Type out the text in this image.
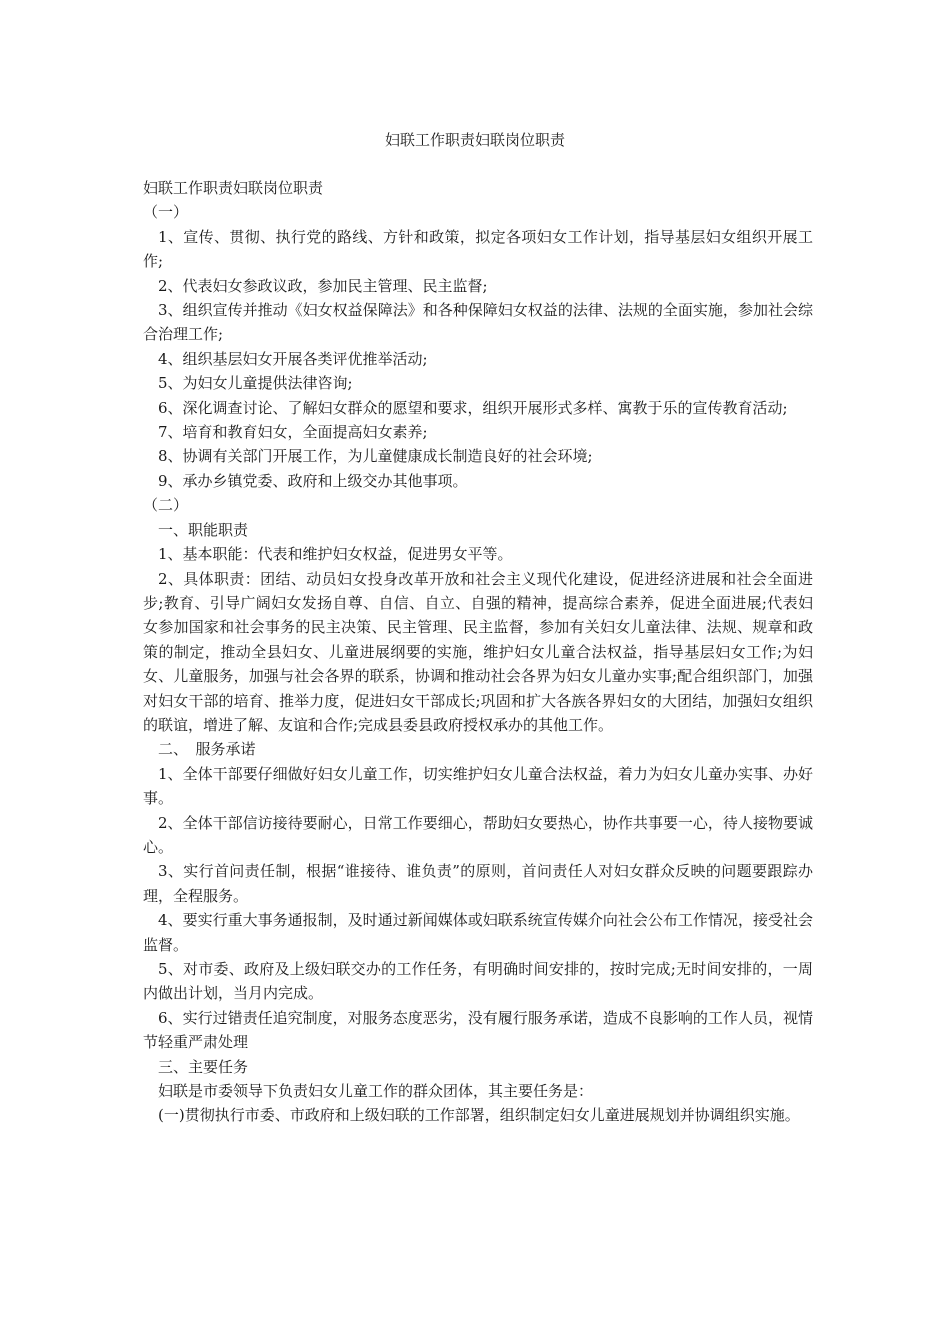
妇联工作职责妇联岗位职责

妇联工作职责妇联岗位职责

（一）

1、宣传、贯彻、执行党的路线、方针和政策，拟定各项妇女工作计划，指导基层妇女组织开展工作;

2、代表妇女参政议政，参加民主管理、民主监督;

3、组织宣传并推动《妇女权益保障法》和各种保障妇女权益的法律、法规的全面实施，参加社会综合治理工作;

4、组织基层妇女开展各类评优推举活动;

5、为妇女儿童提供法律咨询;

6、深化调查讨论、了解妇女群众的愿望和要求，组织开展形式多样、寓教于乐的宣传教育活动;

7、培育和教育妇女，全面提高妇女素养;

8、协调有关部门开展工作，为儿童健康成长制造良好的社会环境;

9、承办乡镇党委、政府和上级交办其他事项。

（二）

一、职能职责

1、基本职能：代表和维护妇女权益，促进男女平等。

2、具体职责：团结、动员妇女投身改革开放和社会主义现代化建设，促进经济进展和社会全面进步;教育、引导广阔妇女发扬自尊、自信、自立、自强的精神，提高综合素养，促进全面进展;代表妇女参加国家和社会事务的民主决策、民主管理、民主监督，参加有关妇女儿童法律、法规、规章和政策的制定，推动全县妇女、儿童进展纲要的实施，维护妇女儿童合法权益，指导基层妇女工作;为妇女、儿童服务，加强与社会各界的联系，协调和推动社会各界为妇女儿童办实事;配合组织部门，加强对妇女干部的培育、推举力度，促进妇女干部成长;巩固和扩大各族各界妇女的大团结，加强妇女组织的联谊，增进了解、友谊和合作;完成县委县政府授权承办的其他工作。

二、　服务承诺

1、全体干部要仔细做好妇女儿童工作，切实维护妇女儿童合法权益，着力为妇女儿童办实事、办好事。

2、全体干部信访接待要耐心，日常工作要细心，帮助妇女要热心，协作共事要一心，待人接物要诚心。

3、实行首问责任制，根据“谁接待、谁负责”的原则，首问责任人对妇女群众反映的问题要跟踪办理，全程服务。

4、要实行重大事务通报制，及时通过新闻媒体或妇联系统宣传媒介向社会公布工作情况，接受社会监督。

5、对市委、政府及上级妇联交办的工作任务，有明确时间安排的，按时完成;无时间安排的，一周内做出计划，当月内完成。

6、实行过错责任追究制度，对服务态度恶劣，没有履行服务承诺，造成不良影响的工作人员，视情节轻重严肃处理

三、主要任务

妇联是市委领导下负责妇女儿童工作的群众团体，其主要任务是：

(一)贯彻执行市委、市政府和上级妇联的工作部署，组织制定妇女儿童进展规划并协调组织实施。
